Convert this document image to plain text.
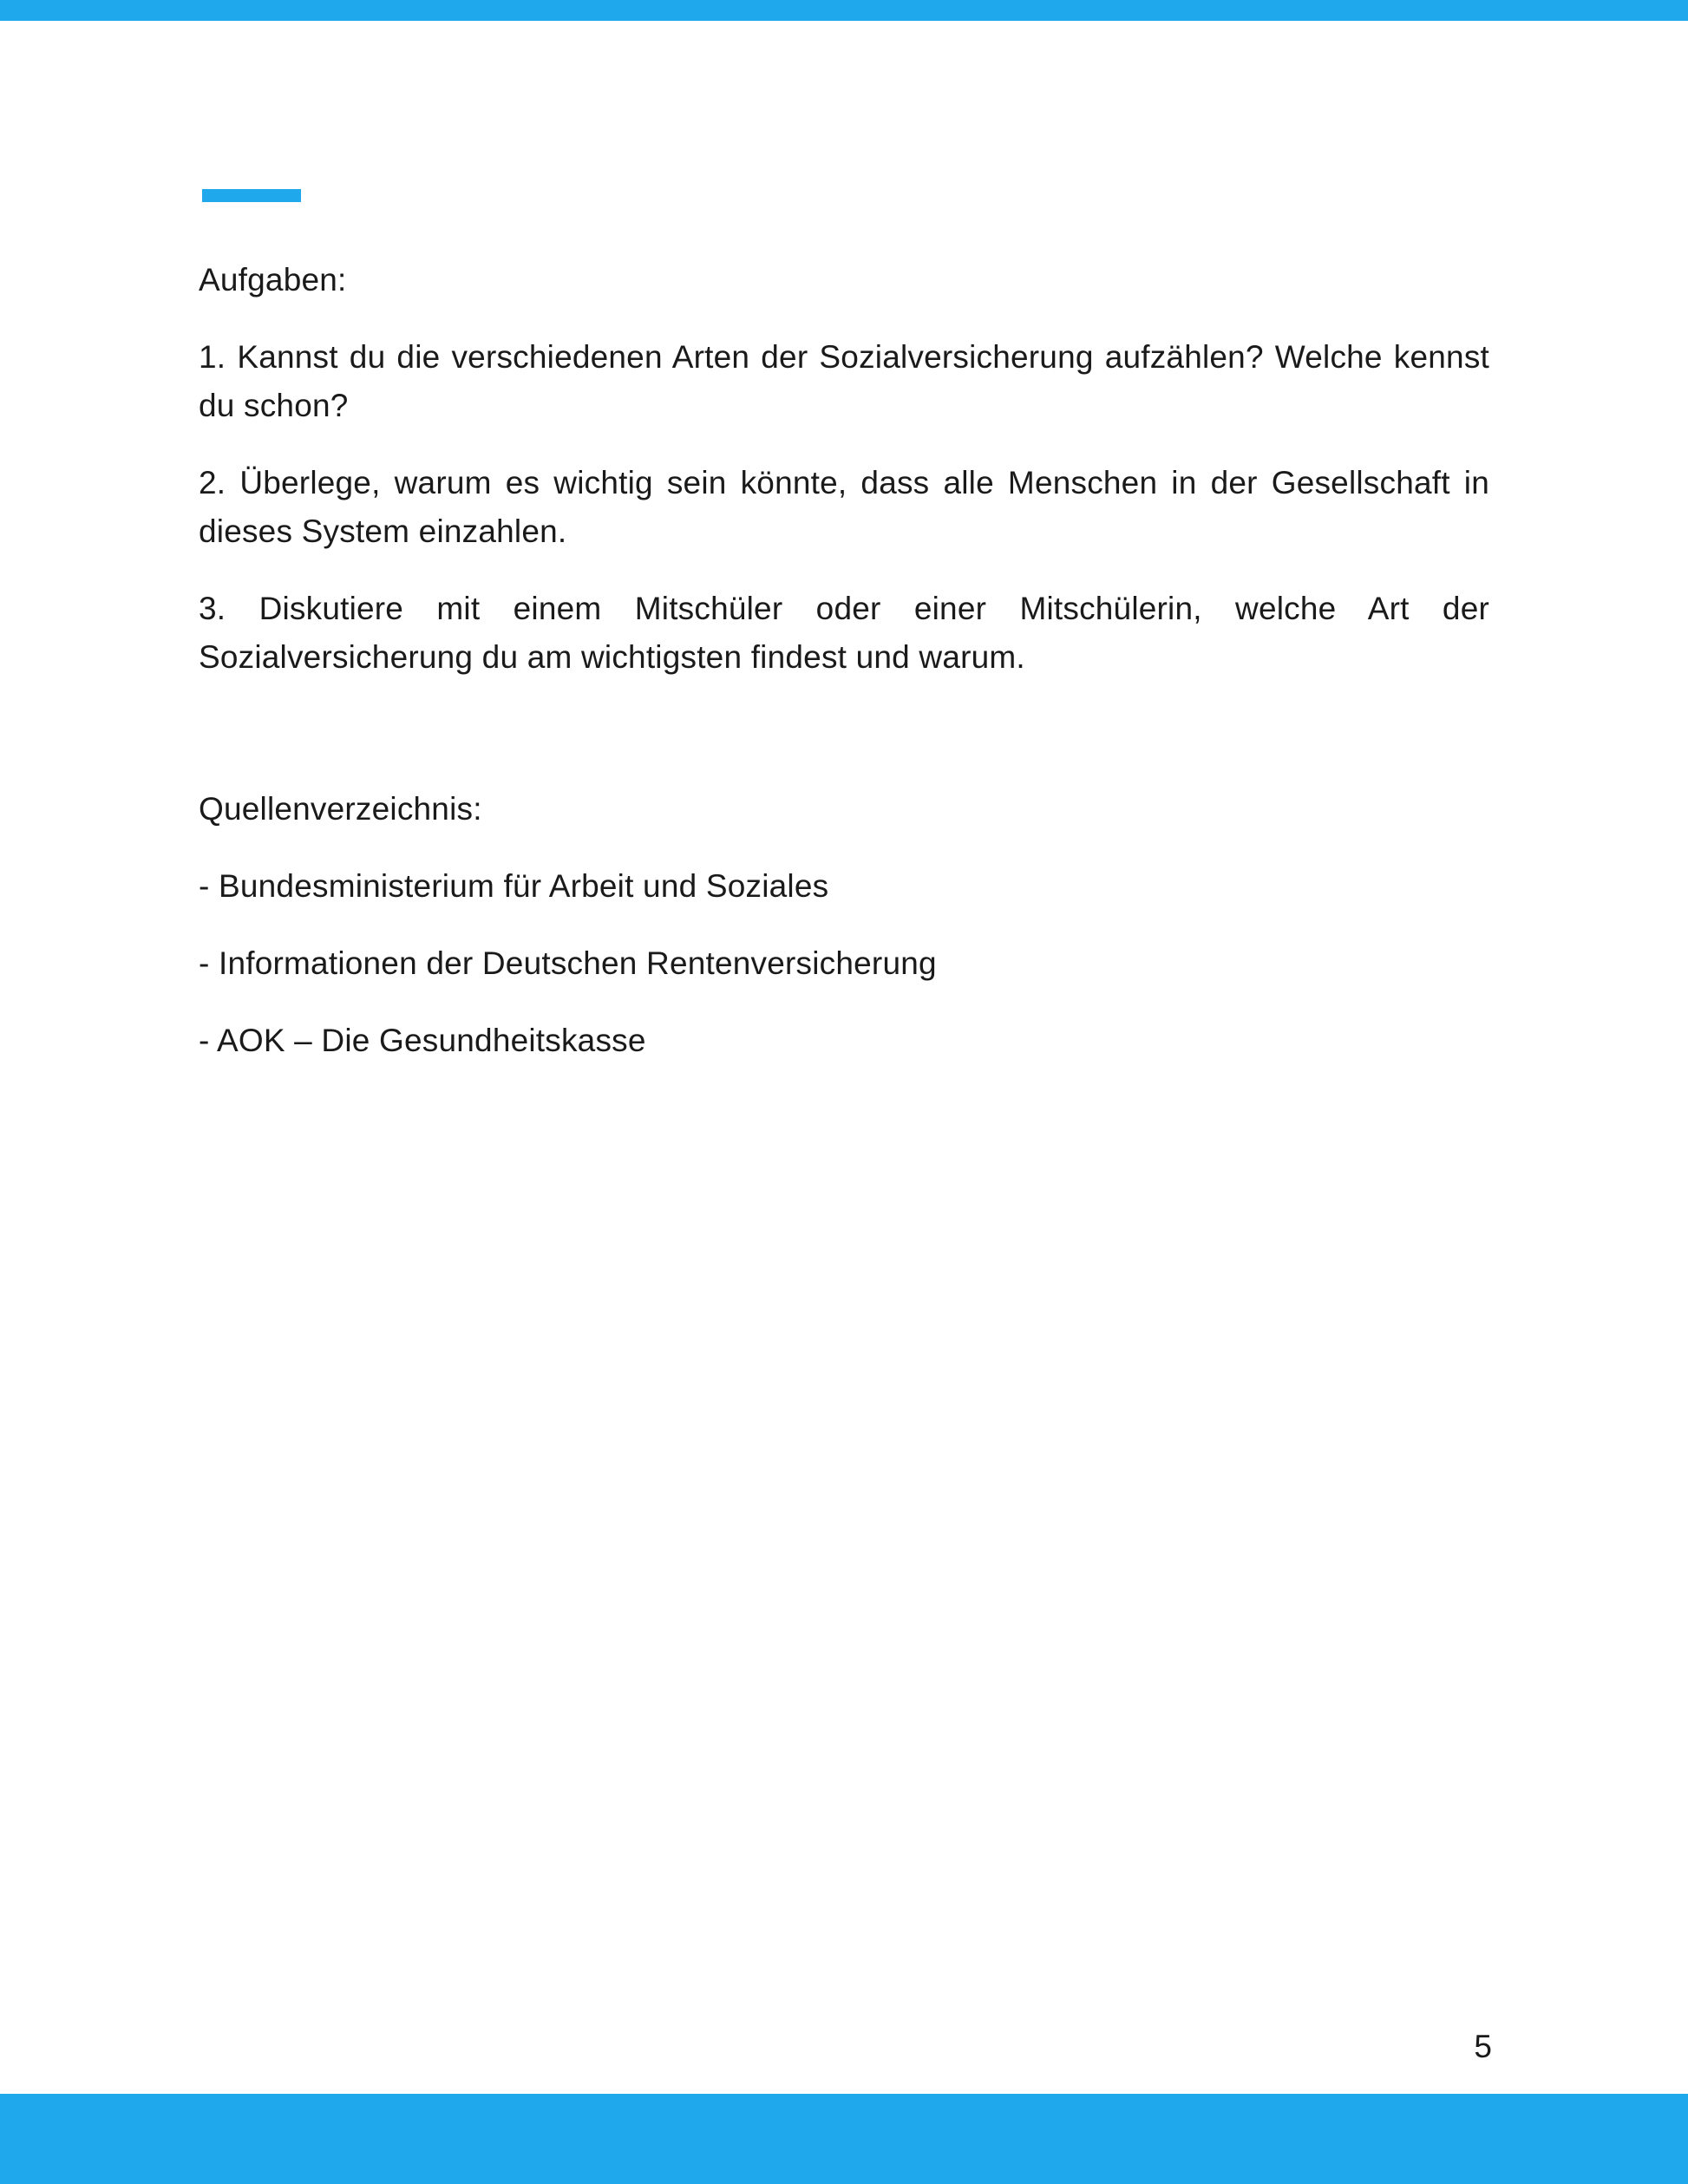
Aufgaben:

1. Kannst du die verschiedenen Arten der Sozialversicherung aufzählen? Welche kennst du schon?

2. Überlege, warum es wichtig sein könnte, dass alle Menschen in der Gesellschaft in dieses System einzahlen.

3. Diskutiere mit einem Mitschüler oder einer Mitschülerin, welche Art der Sozialversicherung du am wichtigsten findest und warum.

Quellenverzeichnis:

- Bundesministerium für Arbeit und Soziales

- Informationen der Deutschen Rentenversicherung

- AOK – Die Gesundheitskasse

5
